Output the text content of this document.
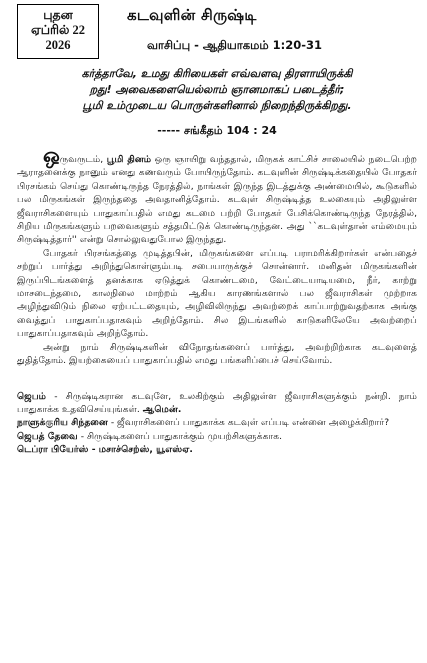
புதன
ஏப்ரில் 22
2026
கடவுளின் சிருஷ்டி
வாசிப்பு - ஆதியாகமம் 1:20-31

கர்த்தாவே, உமது கிரியைகள் எவ்வளவு திரளாயிருக்கி

றது! அவைகளையெல்லாம் ஞானமாகப் படைத்தீர்;

பூமி உம்முடைய பொருள்களினால் நிறைந்திருக்கிறது.

----- சங்கீதம் 104 : 24

ஒருவருடம், பூமி தினம் ஒரு ஞாயிறு வந்ததால், மிருகக் காட்சிச் சாலையில் நடைபெற்ற ஆராதனைக்கு நானும் எனது கணவரும் போயிருந்தோம். கடவுளின் சிருஷ்டிக்கதையில் போதகர் பிரசங்கம் செய்து கொண்டிருந்த நேரத்தில், நாங்கள் இருந்த இடத்துக்கு அண்மையில், கூடுகளில் பல மிருகங்கள் இருந்ததை அவதானித்தோம். கடவுள் சிருஷ்டித்த உலகையும் அதிலுள்ள ஜீவராசிகளையும் பாதுகாப்பதில் எமது கடமை பற்றி போதகர் பேசிக்கொண்டிருந்த நேரத்தில், சிறிய மிருகங்களும் பறவைகளும் சத்தமிட்டுக் கொண்டிருந்தன. அது ``கடவுள்தான் எம்மையும் சிருஷ்டித்தார்'' என்று சொல்லுவதுபோல இருந்தது.

போதகர் பிரசங்கத்தை முடித்தபின், மிருகங்களை எப்படி பராமரிக்கிறார்கள் என்பதைச் சற்றுப் பார்த்து அறிந்துகொள்ளும்படி சபையாருக்குச் சொன்னார். மனிதன் மிருகங்களின் இருப்பிடங்களைத் தனக்காக ஏடுத்துக் கொண்டமை, வேட்டையாடியமை, நீர், காற்று மாசடைந்தமை, காலநிலை மாற்றம் ஆகிய காரணங்களால் பல ஜீவராசிகள் முற்றாக அழிந்துவிடும் நிலை ஏற்பட்டதையும், அழிவிலிருந்து அவற்றைக் காப்பாற்றுவதற்காக அங்கு வைத்துப் பாதுகாப்பதாகவும் அறிந்தோம். சில இடங்களில் காடுகளிலேயே அவற்றைப் பாதுகாப்பதாகவும் அறிந்தோம்.

அன்று நாம் சிருஷ்டிகளின் விநோதங்களைப் பார்த்து, அவற்றிற்காக கடவுளைத் துதித்தோம். இயற்கையைப் பாதுகாப்பதில் எமது பங்களிப்பைச் செய்வோம்.

ஜெபம் - சிருஷ்டிகரான கடவுளே, உலகிற்கும் அதிலுள்ள ஜீவராசிகளுக்கும் நன்றி. நாம் பாதுகாக்க உதவிசெய்யுங்கள். ஆமென்.

நாளுக்குரிய சிந்தனை - ஜீவராசிகளைப் பாதுகாக்க கடவுள் எப்படி என்னை அழைக்கிறார்?

ஜெபத் தேவை - சிருஷ்டிகளைப் பாதுகாக்கும் முயற்சிகளுக்காக.

டெப்ரா பியேர்ஸ் - மசாச்செற்ஸ், யூஎஸ்ஏ.
